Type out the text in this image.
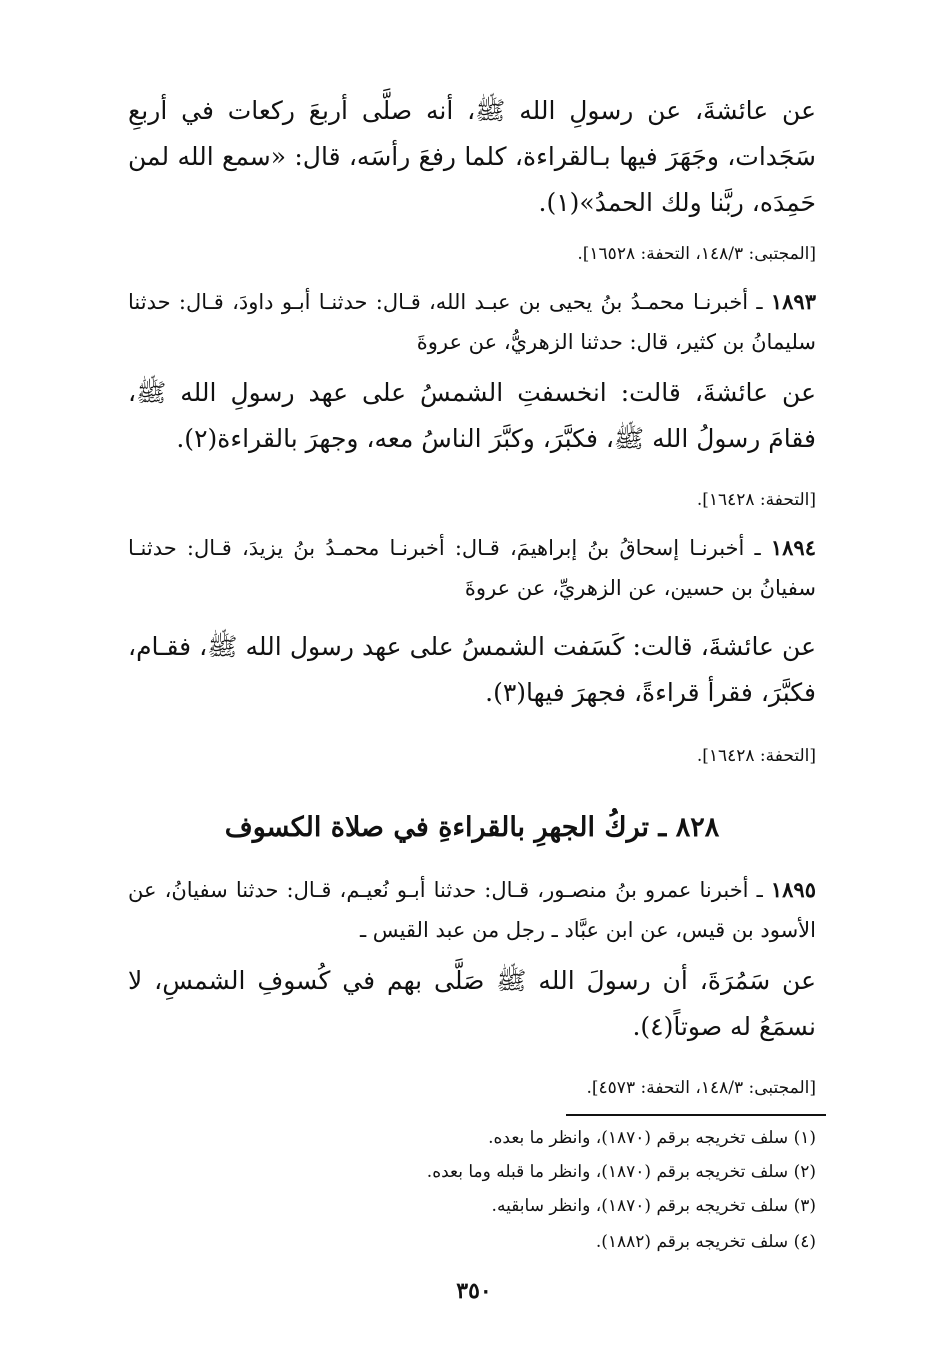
عن عائشةَ، عن رسولِ الله ﷺ، أنه صلَّى أربعَ ركعات في أربعِ سَجَدات، وجَهَرَ فيها بـالقراءة، كلما رفعَ رأسَه، قال: «سمع الله لمن حَمِدَه، ربَّنا ولك الحمدُ»(١).
[المجتبى: ١٤٨/٣، التحفة: ١٦٥٢٨].
١٨٩٣ ـ أخبرنـا محمـدُ بنُ يحيى بن عبـد الله، قـال: حدثنـا أبـو داودَ، قـال: حدثنا سليمانُ بن كثير، قال: حدثنا الزهريُّ، عن عروةَ
عن عائشةَ، قالت: انخسفتِ الشمسُ على عهد رسولِ الله ﷺ، فقامَ رسولُ الله ﷺ، فكبَّرَ، وكبَّرَ الناسُ معه، وجهرَ بالقراءة(٢).
[التحفة: ١٦٤٢٨].
١٨٩٤ ـ أخبرنـا إسحاقُ بنُ إبراهيمَ، قـال: أخبرنـا محمـدُ بنُ يزيدَ، قـال: حدثنـا سفيانُ بن حسين، عن الزهريِّ، عن عروةَ
عن عائشةَ، قالت: كَسَفت الشمسُ على عهد رسول الله ﷺ، فقـام، فكبَّرَ، فقرأ قراءةً، فجهرَ فيها(٣).
[التحفة: ١٦٤٢٨].
٨٢٨ ـ تركُ الجهرِ بالقراءةِ في صلاة الكسوف
١٨٩٥ ـ أخبرنا عمرو بنُ منصـور، قـال: حدثنا أبـو نُعيـم، قـال: حدثنا سفيانُ، عن الأسود بن قيس، عن ابن عبَّاد ـ رجل من عبد القيس ـ
عن سَمُرَةَ، أن رسولَ الله ﷺ صَلَّى بهم في كُسوفِ الشمسِ، لا نسمَعُ له صوتاً(٤).
[المجتبى: ١٤٨/٣، التحفة: ٤٥٧٣].
(١) سلف تخريجه برقم (١٨٧٠)، وانظر ما بعده.
(٢) سلف تخريجه برقم (١٨٧٠)، وانظر ما قبله وما بعده.
(٣) سلف تخريجه برقم (١٨٧٠)، وانظر سابقيه.
(٤) سلف تخريجه برقم (١٨٨٢).
٣٥٠
